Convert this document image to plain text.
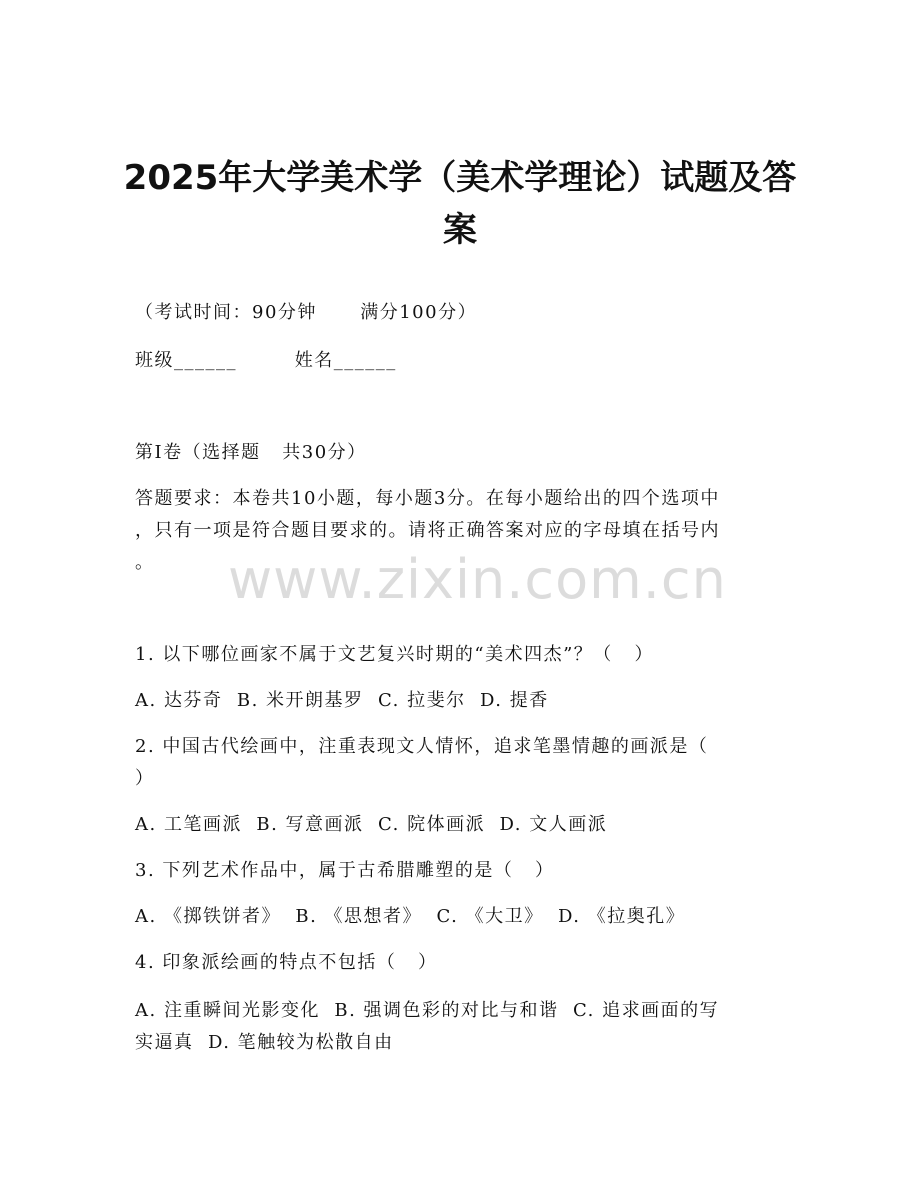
2025年大学美术学（美术学理论）试题及答
案
（考试时间：90分钟      满分100分）
班级______        姓名______
第I卷（选择题   共30分）
答题要求：本卷共10小题，每小题3分。在每小题给出的四个选项中
，只有一项是符合题目要求的。请将正确答案对应的字母填在括号内
。	www.zixin.com.cn
1. 以下哪位画家不属于文艺复兴时期的“美术四杰”？（   ）
A. 达芬奇  B. 米开朗基罗  C. 拉斐尔  D. 提香
2. 中国古代绘画中，注重表现文人情怀，追求笔墨情趣的画派是（
）
A. 工笔画派  B. 写意画派  C. 院体画派  D. 文人画派
3. 下列艺术作品中，属于古希腊雕塑的是（   ）
A. 《掷铁饼者》  B. 《思想者》  C. 《大卫》  D. 《拉奥孔》
4. 印象派绘画的特点不包括（   ）
A. 注重瞬间光影变化  B. 强调色彩的对比与和谐  C. 追求画面的写
实逼真  D. 笔触较为松散自由
